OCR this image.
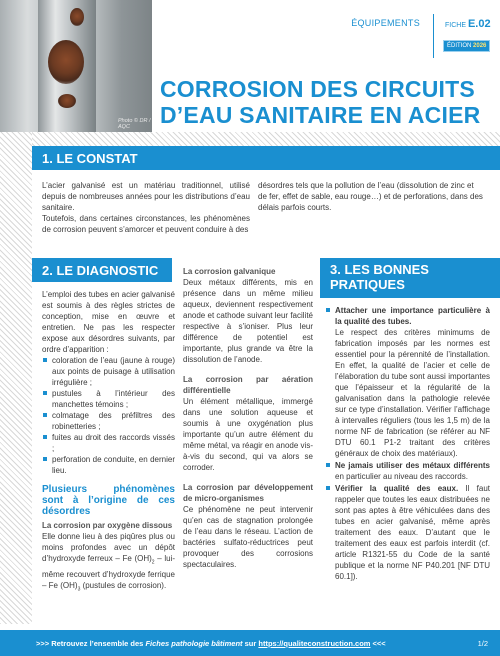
Photo © DR / AQC
ÉQUIPEMENTS	FICHE E.02
ÉDITION 2026
CORROSION DES CIRCUITS
D’EAU SANITAIRE EN ACIER
1. LE CONSTAT
L’acier galvanisé est un matériau traditionnel, utilisé depuis de nombreuses années pour les distributions d’eau sanitaire.
Toutefois, dans certaines circonstances, les phénomènes de corrosion peuvent s’amorcer et peuvent conduire à des
désordres tels que la pollution de l’eau (dissolution de zinc et de fer, effet de sable, eau rouge…) et de perforations, dans des délais parfois courts.
2. LE DIAGNOSTIC
L’emploi des tubes en acier galvanisé est soumis à des règles strictes de conception, mise en œuvre et entretien. Ne pas les respecter expose aux désordres suivants, par ordre d’apparition :
coloration de l’eau (jaune à rouge) aux points de puisage à utilisation irrégulière ;
pustules à l’intérieur des manchettes témoins ;
colmatage des préfiltres des robinetteries ;
fuites au droit des raccords vissés ;
perforation de conduite, en dernier lieu.
Plusieurs phénomènes sont à l’origine de ces désordres
La corrosion par oxygène dissous
Elle donne lieu à des piqûres plus ou moins profondes avec un dépôt d’hydroxyde ferreux – Fe $(OH)_2$ – lui-même recouvert d’hydroxyde ferrique – Fe $(OH)_3$ (pustules de corrosion).
La corrosion galvanique
Deux métaux différents, mis en présence dans un même milieu aqueux, deviennent respectivement anode et cathode suivant leur facilité respective à s’ioniser. Plus leur différence de potentiel est importante, plus grande va être la dissolution de l’anode.
La corrosion par aération différentielle
Un élément métallique, immergé dans une solution aqueuse et soumis à une oxygénation plus importante qu’un autre élément du même métal, va réagir en anode vis-à-vis du second, qui va alors se corroder.
La corrosion par développement de micro-organismes
Ce phénomène ne peut intervenir qu’en cas de stagnation prolongée de l’eau dans le réseau. L’action de bactéries sulfato-réductrices peut provoquer des corrosions spectaculaires.
3. LES BONNES PRATIQUES
Attacher une importance particulière à la qualité des tubes.
Le respect des critères minimums de fabrication imposés par les normes est essentiel pour la pérennité de l’installation. En effet, la qualité de l’acier et celle de l’élaboration du tube sont aussi importantes que l’épaisseur et la régularité de la galvanisation dans la pathologie relevée sur ce type d’installation. Vérifier l’affichage à intervalles réguliers (tous les 1,5 m) de la norme NF de fabrication (se référer au NF DTU 60.1 P1-2 traitant des critères généraux de choix des matériaux).
Ne jamais utiliser des métaux différents en particulier au niveau des raccords.
Vérifier la qualité des eaux. Il faut rappeler que toutes les eaux distribuées ne sont pas aptes à être véhiculées dans des tubes en acier galvanisé, même après traitement des eaux. D’autant que le traitement des eaux est parfois interdit (cf. article R1321-55 du Code de la santé publique et la norme NF P40.201 [NF DTU 60.1]).
>>> Retrouvez l’ensemble des Fiches pathologie bâtiment sur https://qualiteconstruction.com <<<	1/2
